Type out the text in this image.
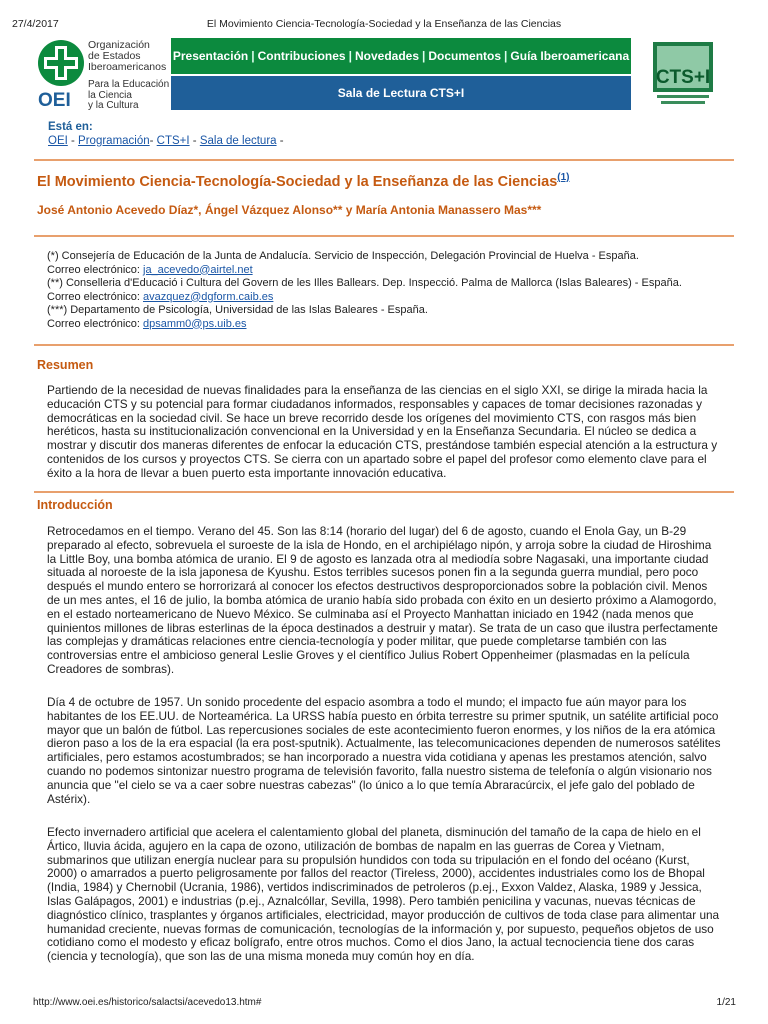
27/4/2017	El Movimiento Ciencia-Tecnología-Sociedad y la Enseñanza de las Ciencias
OEI
Organización
de Estados
Iberoamericanos
Para la Educación
la Ciencia
y la Cultura
Presentación | Contribuciones | Novedades | Documentos | Guía Iberoamericana
Sala de Lectura CTS+I
CTS+I
Está en:
OEI - Programación- CTS+I - Sala de lectura -
El Movimiento Ciencia-Tecnología-Sociedad y la Enseñanza de las Ciencias$^{(1)}$
José Antonio Acevedo Díaz*, Ángel Vázquez Alonso** y María Antonia Manassero Mas***
(*) Consejería de Educación de la Junta de Andalucía. Servicio de Inspección, Delegación Provincial de Huelva - España.
Correo electrónico: ja_acevedo@airtel.net
(**) Conselleria d'Educació i Cultura del Govern de les Illes Ballears. Dep. Inspecció. Palma de Mallorca (Islas Baleares) - España.
Correo electrónico: avazquez@dgform.caib.es
(***) Departamento de Psicología, Universidad de las Islas Baleares - España.
Correo electrónico: dpsamm0@ps.uib.es
Resumen

Partiendo de la necesidad de nuevas finalidades para la enseñanza de las ciencias en el siglo XXI, se dirige la mirada hacia la educación CTS y su potencial para formar ciudadanos informados, responsables y capaces de tomar decisiones razonadas y democráticas en la sociedad civil. Se hace un breve recorrido desde los orígenes del movimiento CTS, con rasgos más bien heréticos, hasta su institucionalización convencional en la Universidad y en la Enseñanza Secundaria. El núcleo se dedica a mostrar y discutir dos maneras diferentes de enfocar la educación CTS, prestándose también especial atención a la estructura y contenidos de los cursos y proyectos CTS. Se cierra con un apartado sobre el papel del profesor como elemento clave para el éxito a la hora de llevar a buen puerto esta importante innovación educativa.

Introducción

Retrocedamos en el tiempo. Verano del 45. Son las 8:14 (horario del lugar) del 6 de agosto, cuando el Enola Gay, un B-29 preparado al efecto, sobrevuela el suroeste de la isla de Hondo, en el archipiélago nipón, y arroja sobre la ciudad de Hiroshima la Little Boy, una bomba atómica de uranio. El 9 de agosto es lanzada otra al mediodía sobre Nagasaki, una importante ciudad situada al noroeste de la isla japonesa de Kyushu. Estos terribles sucesos ponen fin a la segunda guerra mundial, pero poco después el mundo entero se horrorizará al conocer los efectos destructivos desproporcionados sobre la población civil. Menos de un mes antes, el 16 de julio, la bomba atómica de uranio había sido probada con éxito en un desierto próximo a Alamogordo, en el estado norteamericano de Nuevo México. Se culminaba así el Proyecto Manhattan iniciado en 1942 (nada menos que quinientos millones de libras esterlinas de la época destinados a destruir y matar). Se trata de un caso que ilustra perfectamente las complejas y dramáticas relaciones entre ciencia-tecnología y poder militar, que puede completarse también con las controversias entre el ambicioso general Leslie Groves y el científico Julius Robert Oppenheimer (plasmadas en la película Creadores de sombras).

Día 4 de octubre de 1957. Un sonido procedente del espacio asombra a todo el mundo; el impacto fue aún mayor para los habitantes de los EE.UU. de Norteamérica. La URSS había puesto en órbita terrestre su primer sputnik, un satélite artificial poco mayor que un balón de fútbol. Las repercusiones sociales de este acontecimiento fueron enormes, y los niños de la era atómica dieron paso a los de la era espacial (la era post-sputnik). Actualmente, las telecomunicaciones dependen de numerosos satélites artificiales, pero estamos acostumbrados; se han incorporado a nuestra vida cotidiana y apenas les prestamos atención, salvo cuando no podemos sintonizar nuestro programa de televisión favorito, falla nuestro sistema de telefonía o algún visionario nos anuncia que "el cielo se va a caer sobre nuestras cabezas" (lo único a lo que temía Abraracúrcix, el jefe galo del poblado de Astérix).

Efecto invernadero artificial que acelera el calentamiento global del planeta, disminución del tamaño de la capa de hielo en el Ártico, lluvia ácida, agujero en la capa de ozono, utilización de bombas de napalm en las guerras de Corea y Vietnam, submarinos que utilizan energía nuclear para su propulsión hundidos con toda su tripulación en el fondo del océano (Kurst, 2000) o amarrados a puerto peligrosamente por fallos del reactor (Tireless, 2000), accidentes industriales como los de Bhopal (India, 1984) y Chernobil (Ucrania, 1986), vertidos indiscriminados de petroleros (p.ej., Exxon Valdez, Alaska, 1989 y Jessica, Islas Galápagos, 2001) e industrias (p.ej., Aznalcóllar, Sevilla, 1998). Pero también penicilina y vacunas, nuevas técnicas de diagnóstico clínico, trasplantes y órganos artificiales, electricidad, mayor producción de cultivos de toda clase para alimentar una humanidad creciente, nuevas formas de comunicación, tecnologías de la información y, por supuesto, pequeños objetos de uso cotidiano como el modesto y eficaz bolígrafo, entre otros muchos. Como el dios Jano, la actual tecnociencia tiene dos caras (ciencia y tecnología), que son las de una misma moneda muy común hoy en día.

http://www.oei.es/historico/salactsi/acevedo13.htm#	1/21
